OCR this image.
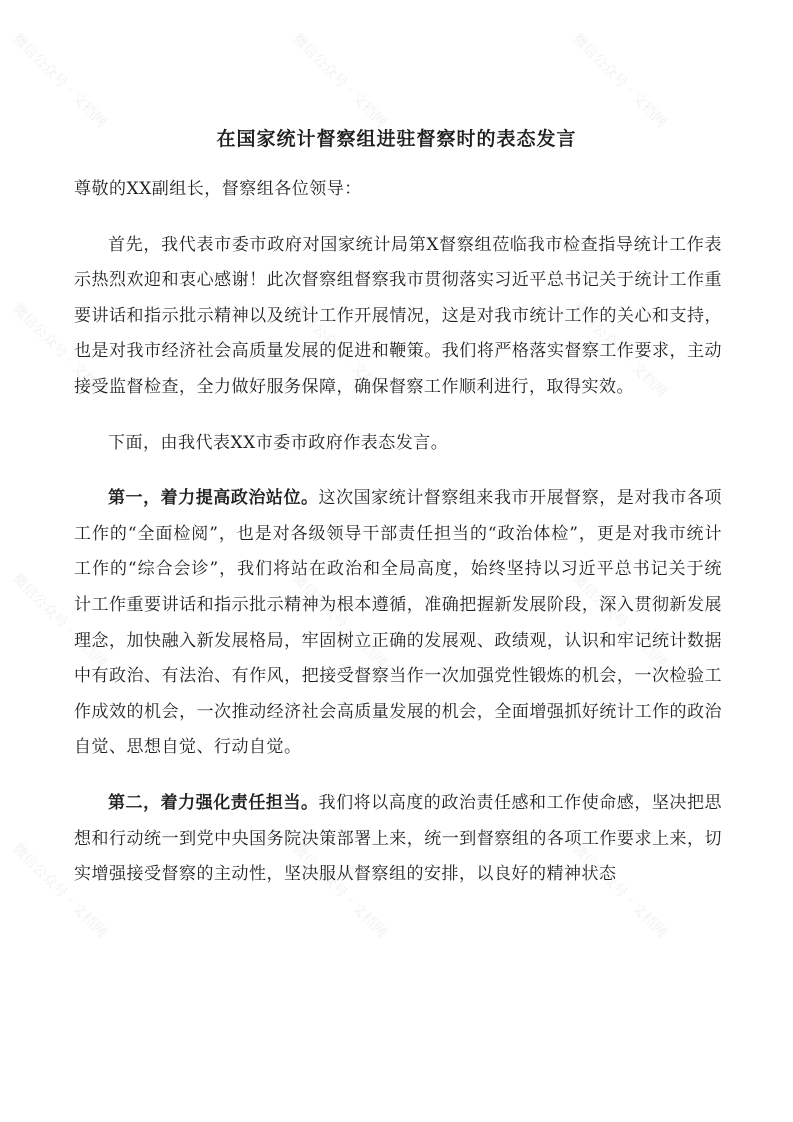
微信公众号 · 文档网	微信公众号 · 文档网	微信公众号 · 文档网
微信公众号 · 文档网	微信公众号 · 文档网	微信公众号 · 文档网
微信公众号 · 文档网	微信公众号 · 文档网	微信公众号 · 文档网
微信公众号 · 文档网	微信公众号 · 文档网	微信公众号 · 文档网
在国家统计督察组进驻督察时的表态发言

尊敬的XX副组长，督察组各位领导：

首先，我代表市委市政府对国家统计局第X督察组莅临我市检查指导统计工作表示热烈欢迎和衷心感谢！此次督察组督察我市贯彻落实习近平总书记关于统计工作重要讲话和指示批示精神以及统计工作开展情况，这是对我市统计工作的关心和支持，也是对我市经济社会高质量发展的促进和鞭策。我们将严格落实督察工作要求，主动接受监督检查，全力做好服务保障，确保督察工作顺利进行，取得实效。

下面，由我代表XX市委市政府作表态发言。

第一，着力提高政治站位。这次国家统计督察组来我市开展督察，是对我市各项工作的“全面检阅”，也是对各级领导干部责任担当的“政治体检”，更是对我市统计工作的“综合会诊”，我们将站在政治和全局高度，始终坚持以习近平总书记关于统计工作重要讲话和指示批示精神为根本遵循，准确把握新发展阶段，深入贯彻新发展理念，加快融入新发展格局，牢固树立正确的发展观、政绩观，认识和牢记统计数据中有政治、有法治、有作风，把接受督察当作一次加强党性锻炼的机会，一次检验工作成效的机会，一次推动经济社会高质量发展的机会，全面增强抓好统计工作的政治自觉、思想自觉、行动自觉。

第二，着力强化责任担当。我们将以高度的政治责任感和工作使命感，坚决把思想和行动统一到党中央国务院决策部署上来，统一到督察组的各项工作要求上来，切实增强接受督察的主动性，坚决服从督察组的安排，以良好的精神状态
